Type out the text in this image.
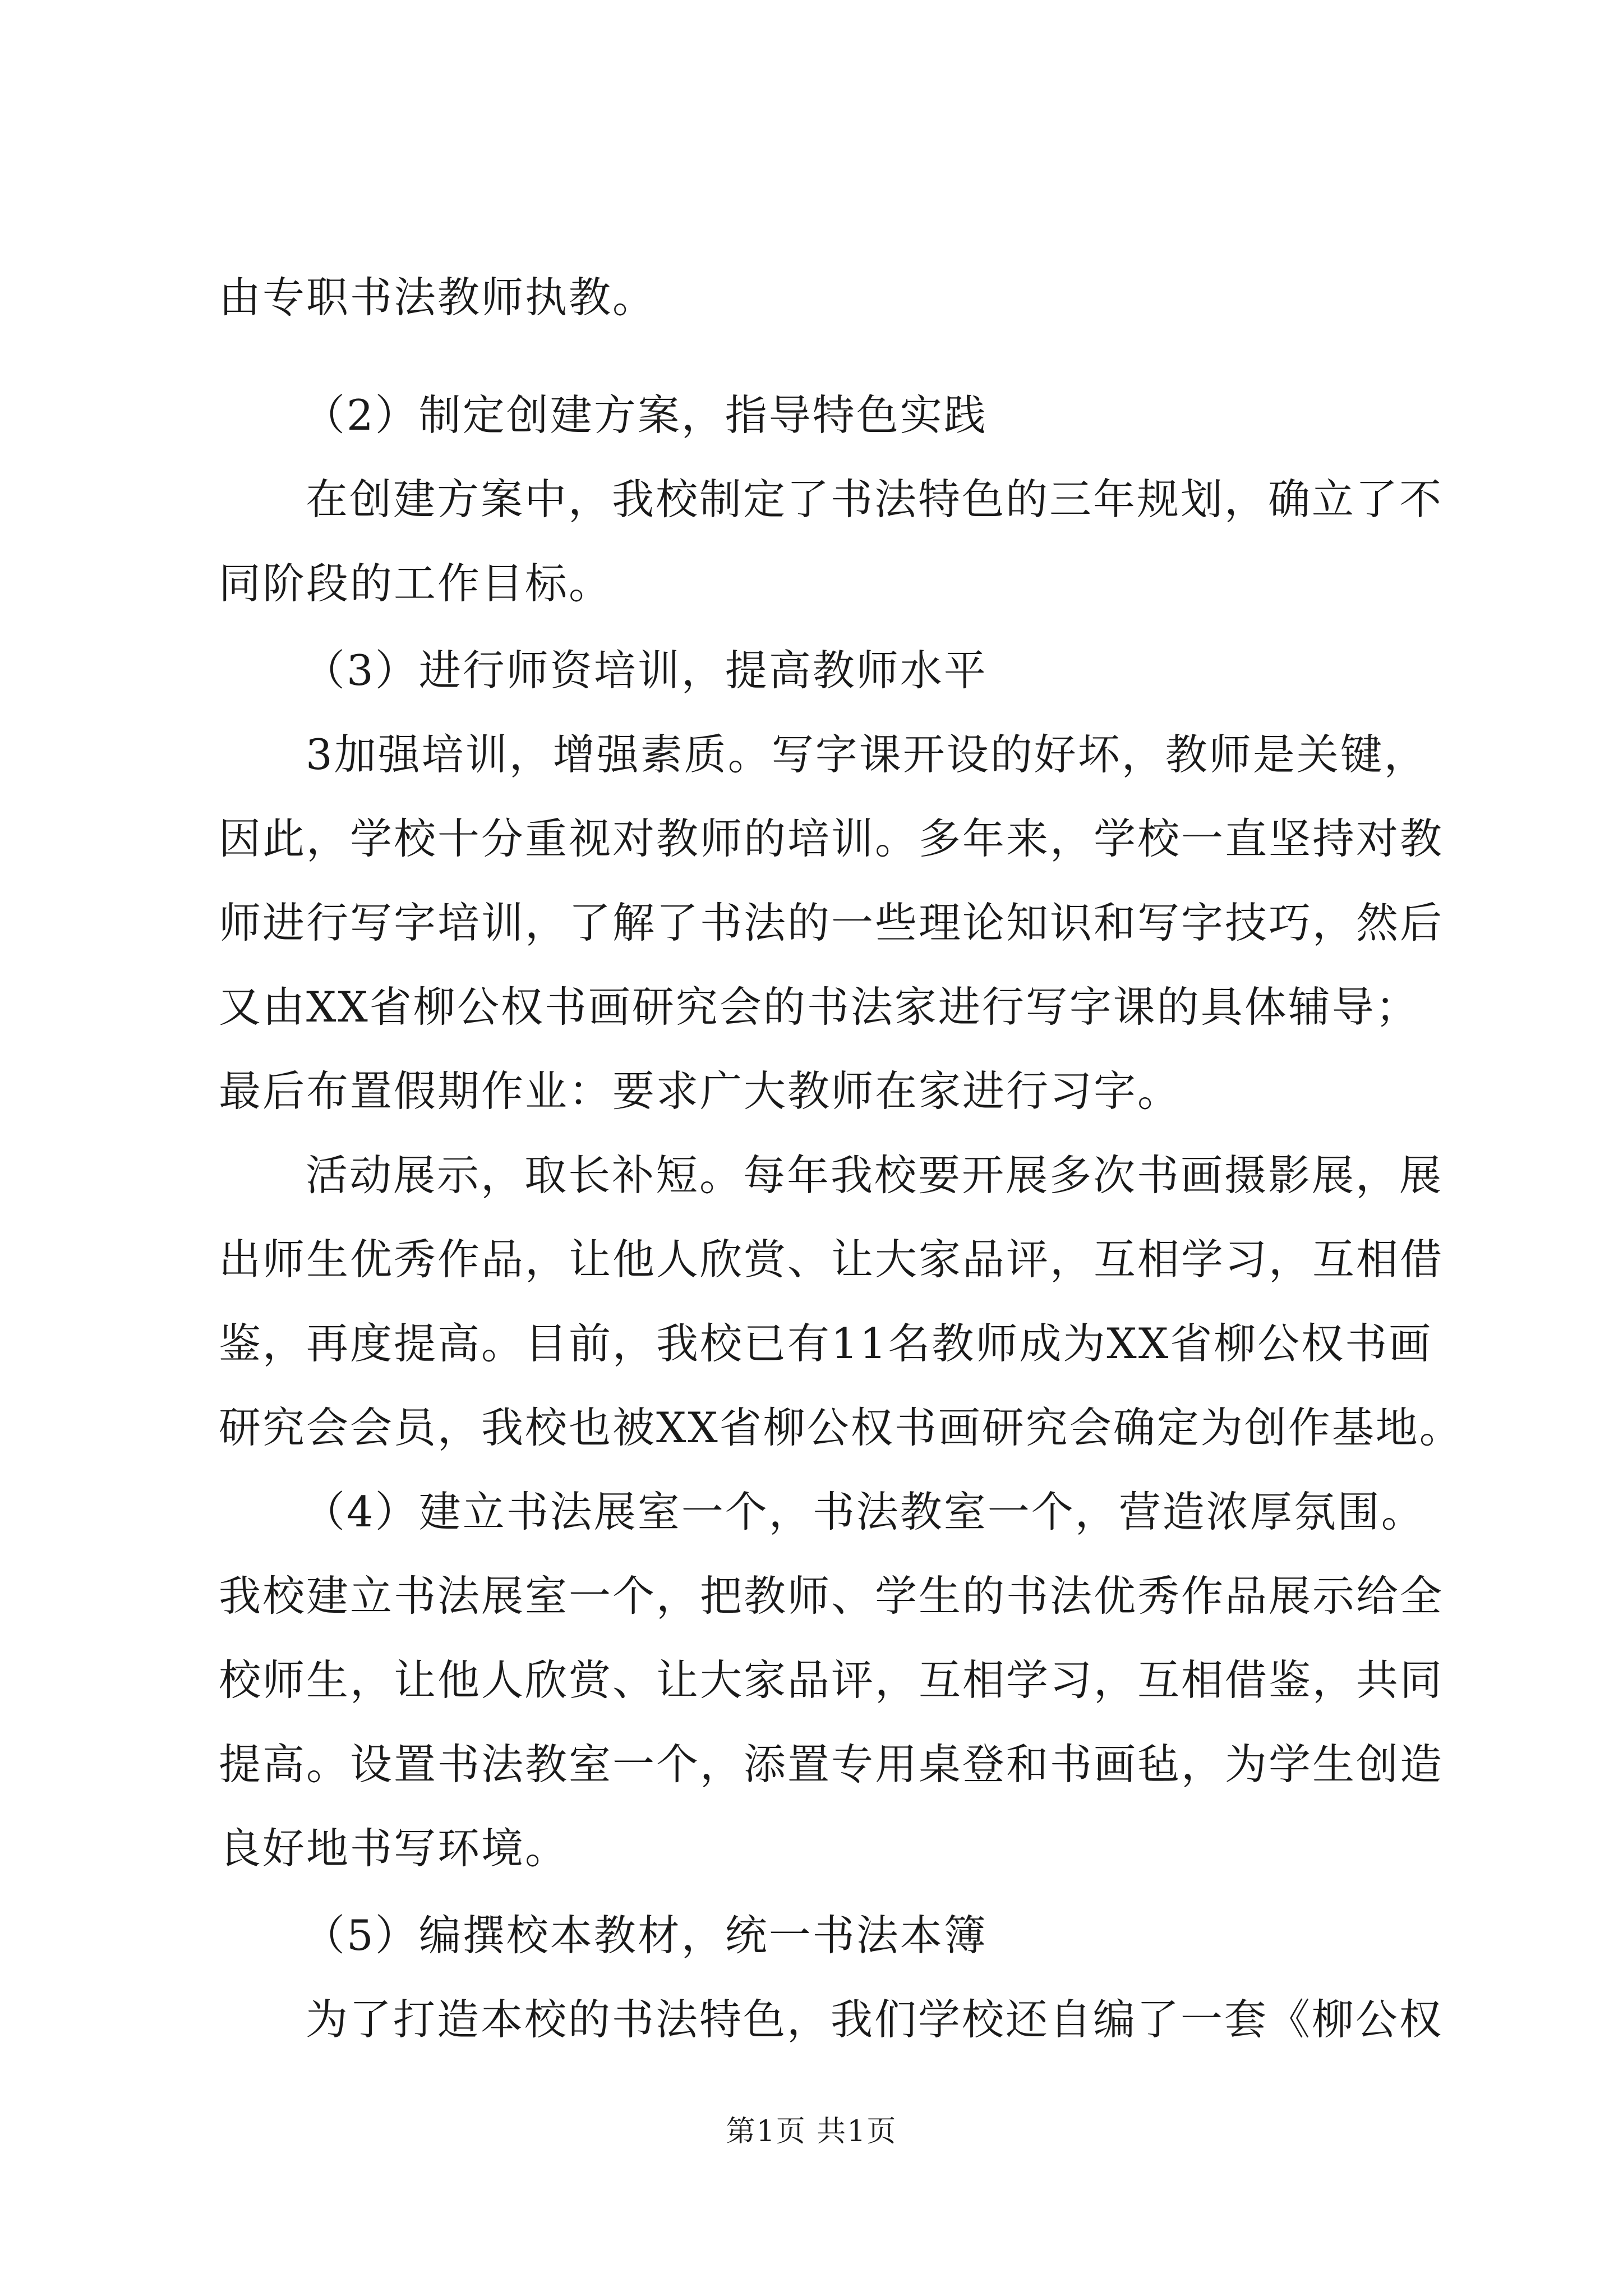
由专职书法教师执教。
（2）制定创建方案，指导特色实践
在创建方案中，我校制定了书法特色的三年规划，确立了不
同阶段的工作目标。
（3）进行师资培训，提高教师水平
3加强培训，增强素质。写字课开设的好坏，教师是关键，
因此，学校十分重视对教师的培训。多年来，学校一直坚持对教
师进行写字培训，了解了书法的一些理论知识和写字技巧，然后
又由XX省柳公权书画研究会的书法家进行写字课的具体辅导；
最后布置假期作业：要求广大教师在家进行习字。
活动展示，取长补短。每年我校要开展多次书画摄影展，展
出师生优秀作品，让他人欣赏、让大家品评，互相学习，互相借
鉴，再度提高。目前，我校已有11名教师成为XX省柳公权书画
研究会会员，我校也被XX省柳公权书画研究会确定为创作基地。
（4）建立书法展室一个，书法教室一个，营造浓厚氛围。
我校建立书法展室一个，把教师、学生的书法优秀作品展示给全
校师生，让他人欣赏、让大家品评，互相学习，互相借鉴，共同
提高。设置书法教室一个，添置专用桌登和书画毡，为学生创造
良好地书写环境。
（5）编撰校本教材，统一书法本簿
为了打造本校的书法特色，我们学校还自编了一套《柳公权
第1页 共1页
